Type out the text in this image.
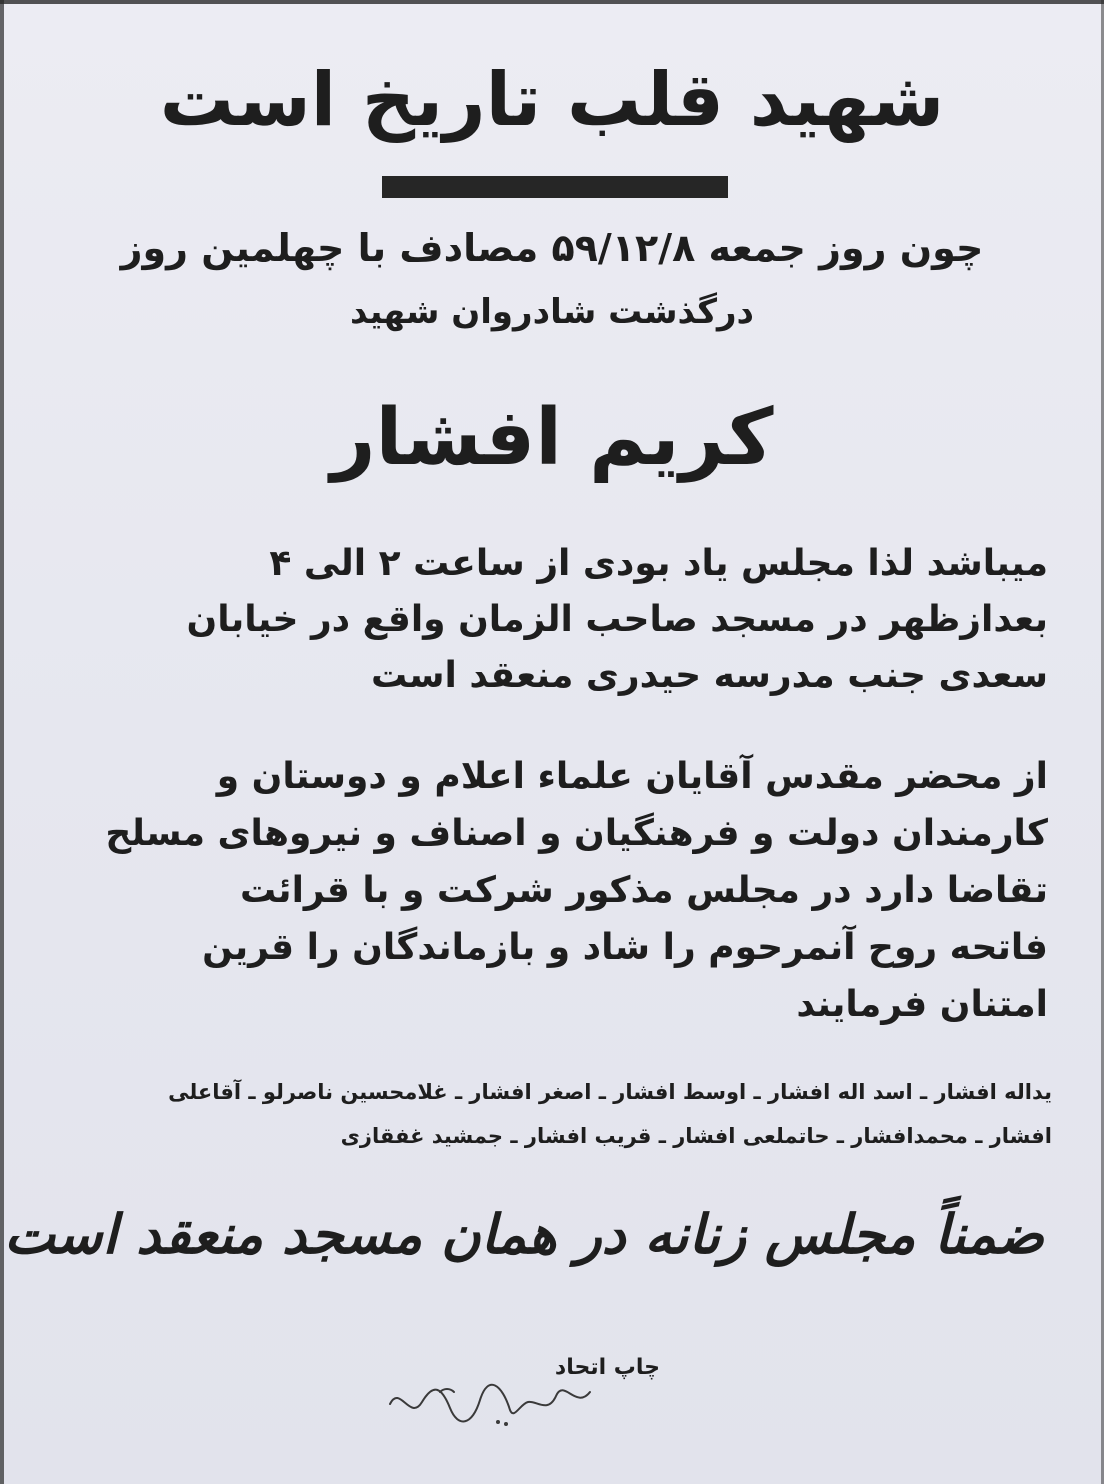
شهید قلب تاریخ است
چون روز جمعه ۵۹/۱۲/۸ مصادف با چهلمین روز
درگذشت شادروان شهید
کریم افشار
میباشد لذا مجلس یاد بودی از ساعت ۲ الی ۴
بعدازظهر در مسجد صاحب الزمان واقع در خیابان
سعدی جنب مدرسه حیدری منعقد است
از محضر مقدس آقایان علماء اعلام و دوستان و
کارمندان دولت و فرهنگیان و اصناف و نیروهای مسلح
تقاضا دارد در مجلس مذکور شرکت و با قرائت
فاتحه روح آنمرحوم را شاد و بازماندگان را قرین
امتنان فرمایند
یداله افشار ـ اسد اله افشار ـ اوسط افشار ـ اصغر افشار ـ غلامحسین ناصرلو ـ آقاعلی
افشار ـ محمدافشار ـ حاتملعی افشار ـ قریب افشار ـ جمشید غفقازی
ضمناً مجلس زنانه در همان مسجد منعقد است
چاپ اتحاد
